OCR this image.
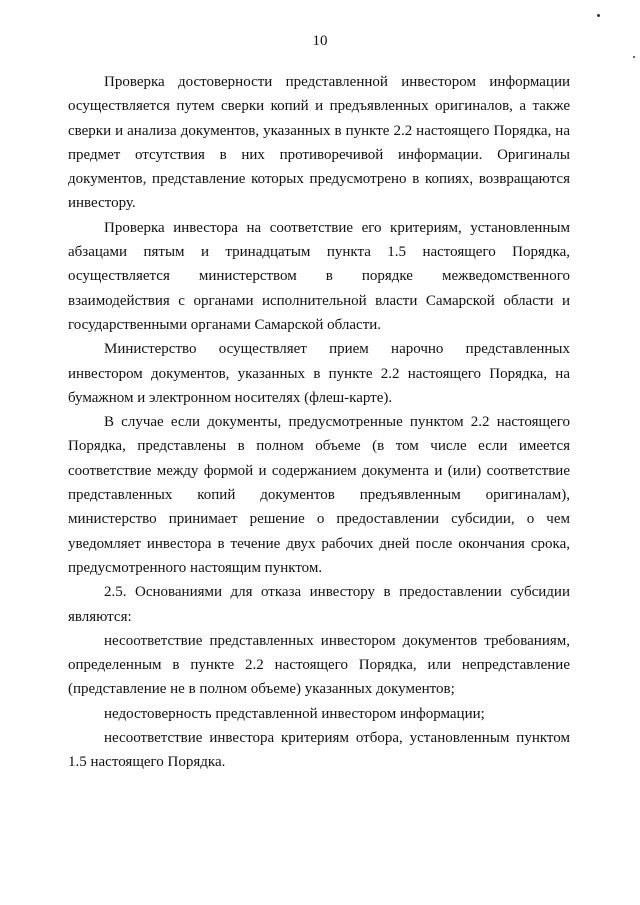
10

Проверка достоверности представленной инвестором информации осуществляется путем сверки копий и предъявленных оригиналов, а также сверки и анализа документов, указанных в пункте 2.2 настоящего Порядка, на предмет отсутствия в них противоречивой информации. Оригиналы документов, представление которых предусмотрено в копиях, возвращаются инвестору.

Проверка инвестора на соответствие его критериям, установленным абзацами пятым и тринадцатым пункта 1.5 настоящего Порядка, осуществляется министерством в порядке межведомственного взаимодействия с органами исполнительной власти Самарской области и государственными органами Самарской области.

Министерство осуществляет прием нарочно представленных инвестором документов, указанных в пункте 2.2 настоящего Порядка, на бумажном и электронном носителях (флеш-карте).

В случае если документы, предусмотренные пунктом 2.2 настоящего Порядка, представлены в полном объеме (в том числе если имеется соответствие между формой и содержанием документа и (или) соответствие представленных копий документов предъявленным оригиналам), министерство принимает решение о предоставлении субсидии, о чем уведомляет инвестора в течение двух рабочих дней после окончания срока, предусмотренного настоящим пунктом.

2.5. Основаниями для отказа инвестору в предоставлении субсидии являются:

несоответствие представленных инвестором документов требованиям, определенным в пункте 2.2 настоящего Порядка, или непредставление (представление не в полном объеме) указанных документов;

недостоверность представленной инвестором информации;

несоответствие инвестора критериям отбора, установленным пунктом 1.5 настоящего Порядка.
